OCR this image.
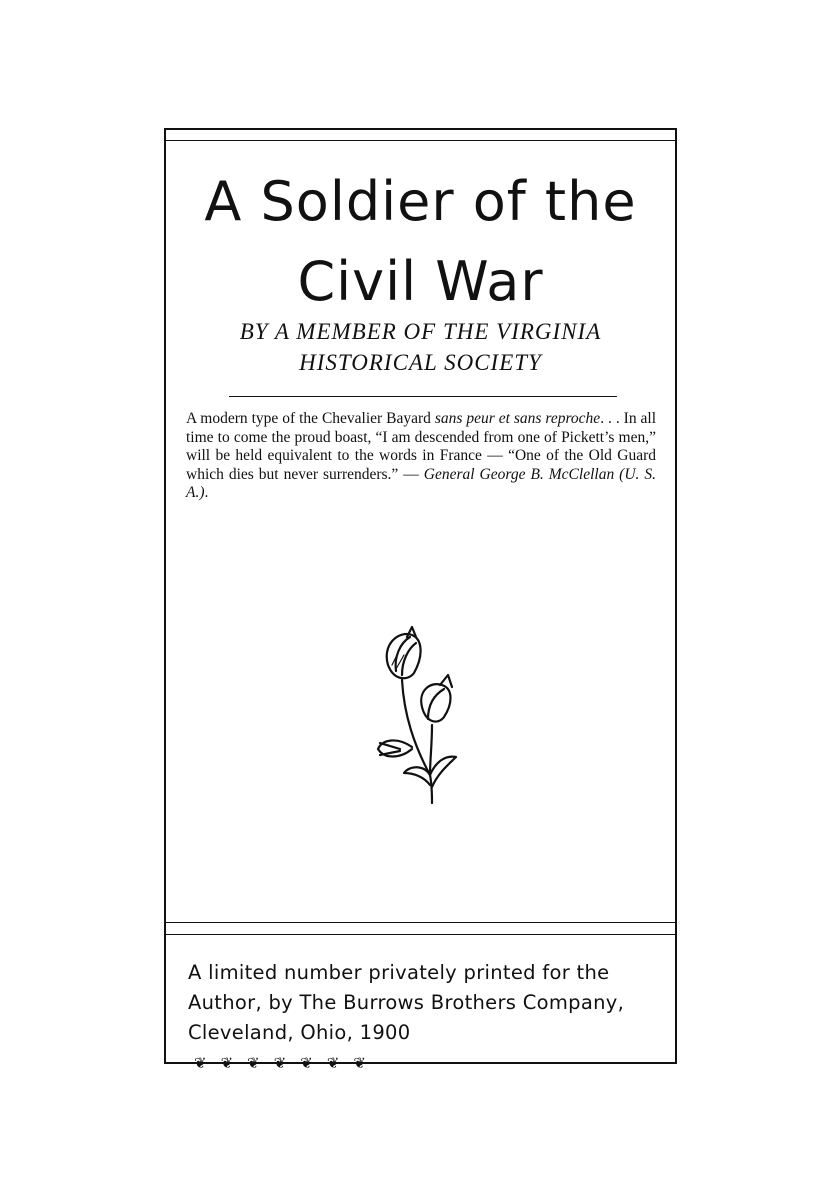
A Soldier of the
Civil War
BY A MEMBER OF THE VIRGINIA
HISTORICAL SOCIETY

A modern type of the Chevalier Bayard sans peur et sans reproche. . . In all time to come the proud boast, “I am descended from one of Pickett’s men,” will be held equivalent to the words in France — “One of the Old Guard which dies but never surrenders.” — General George B. McClellan (U. S. A.).

A limited number privately printed for the
Author, by The Burrows Brothers Company,
Cleveland, Ohio, 1900
❦❦❦❦❦❦❦
